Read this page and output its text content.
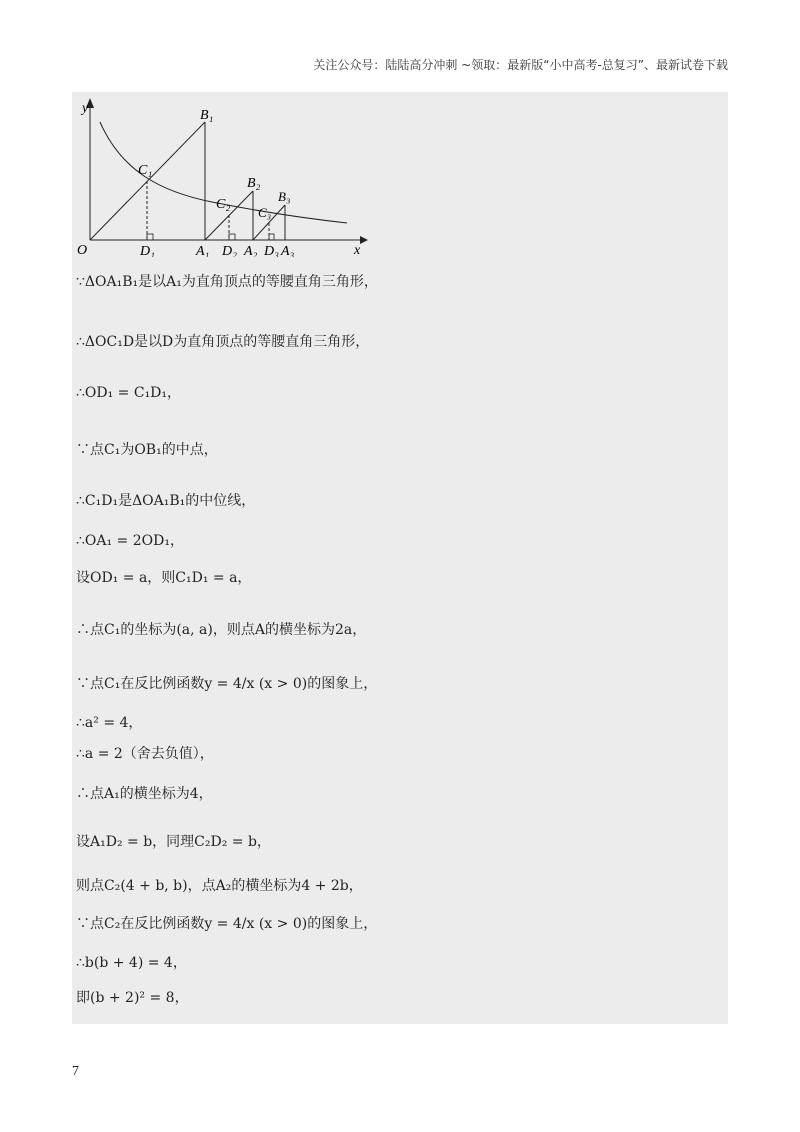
关注公众号：陆陆高分冲刺 ~领取：最新版“小中高考-总复习”、最新试卷下载
y
x
O
B₁
C₁
D₁	A₁
C₂
B₂
D₂ A₂
C₃
B₃
D₃ A₃
∵ΔOA₁B₁是以A₁为直角顶点的等腰直角三角形，
∴ΔOC₁D是以D为直角顶点的等腰直角三角形，
∴OD₁ = C₁D₁，
∵点C₁为OB₁的中点，
∴C₁D₁是ΔOA₁B₁的中位线，
∴OA₁ = 2OD₁，
设OD₁ = a，则C₁D₁ = a，
∴点C₁的坐标为(a, a)，则点A的横坐标为2a，
∵点C₁在反比例函数y = 4/x (x > 0)的图象上，
∴a² = 4，
∴a = 2（舍去负值），
∴点A₁的横坐标为4，
设A₁D₂ = b，同理C₂D₂ = b，
则点C₂(4 + b, b)，点A₂的横坐标为4 + 2b，
∵点C₂在反比例函数y = 4/x (x > 0)的图象上，
∴b(b + 4) = 4，
即(b + 2)² = 8，
7
